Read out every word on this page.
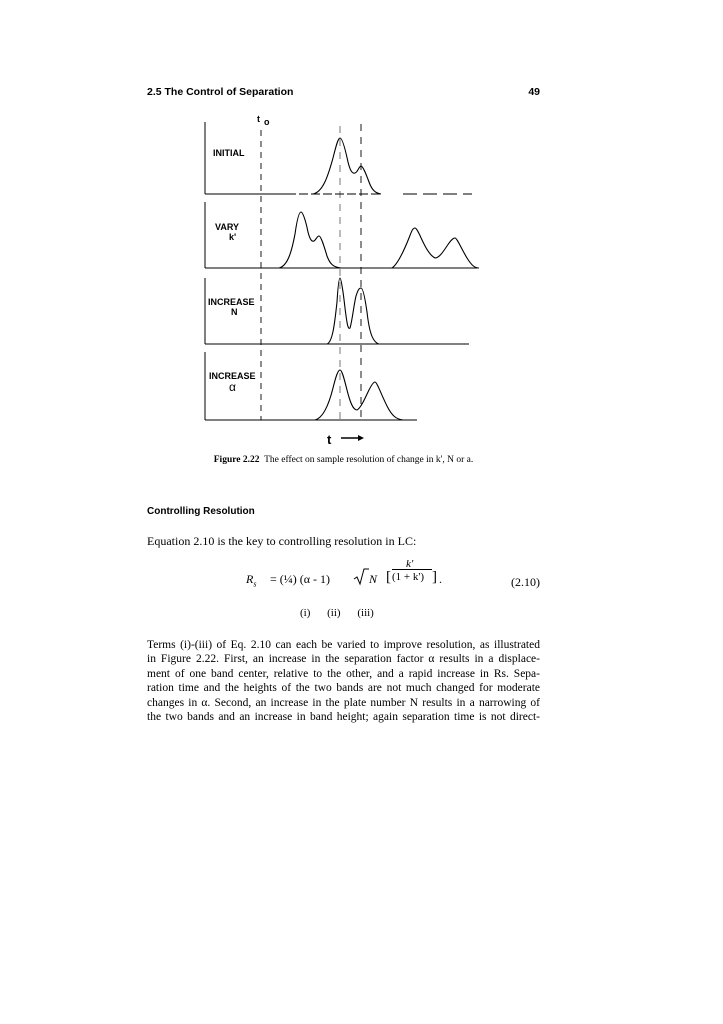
2.5 The Control of Separation	49
t o
INITIAL
VARY
k'
INCREASE
N
INCREASE
α
t
Figure 2.22 The effect on sample resolution of change in k', N or a.
Controlling Resolution
Equation 2.10 is the key to controlling resolution in LC:
$R_s$ = (¼) (α - 1)	N [
k'
(1 + k') ] .	(2.10)
(i) (ii) (iii)
Terms (i)-(iii) of Eq. 2.10 can each be varied to improve resolution, as illustrated
in Figure 2.22. First, an increase in the separation factor α results in a displace-
ment of one band center, relative to the other, and a rapid increase in Rs. Sepa-
ration time and the heights of the two bands are not much changed for moderate
changes in α. Second, an increase in the plate number N results in a narrowing of
the two bands and an increase in band height; again separation time is not direct-
